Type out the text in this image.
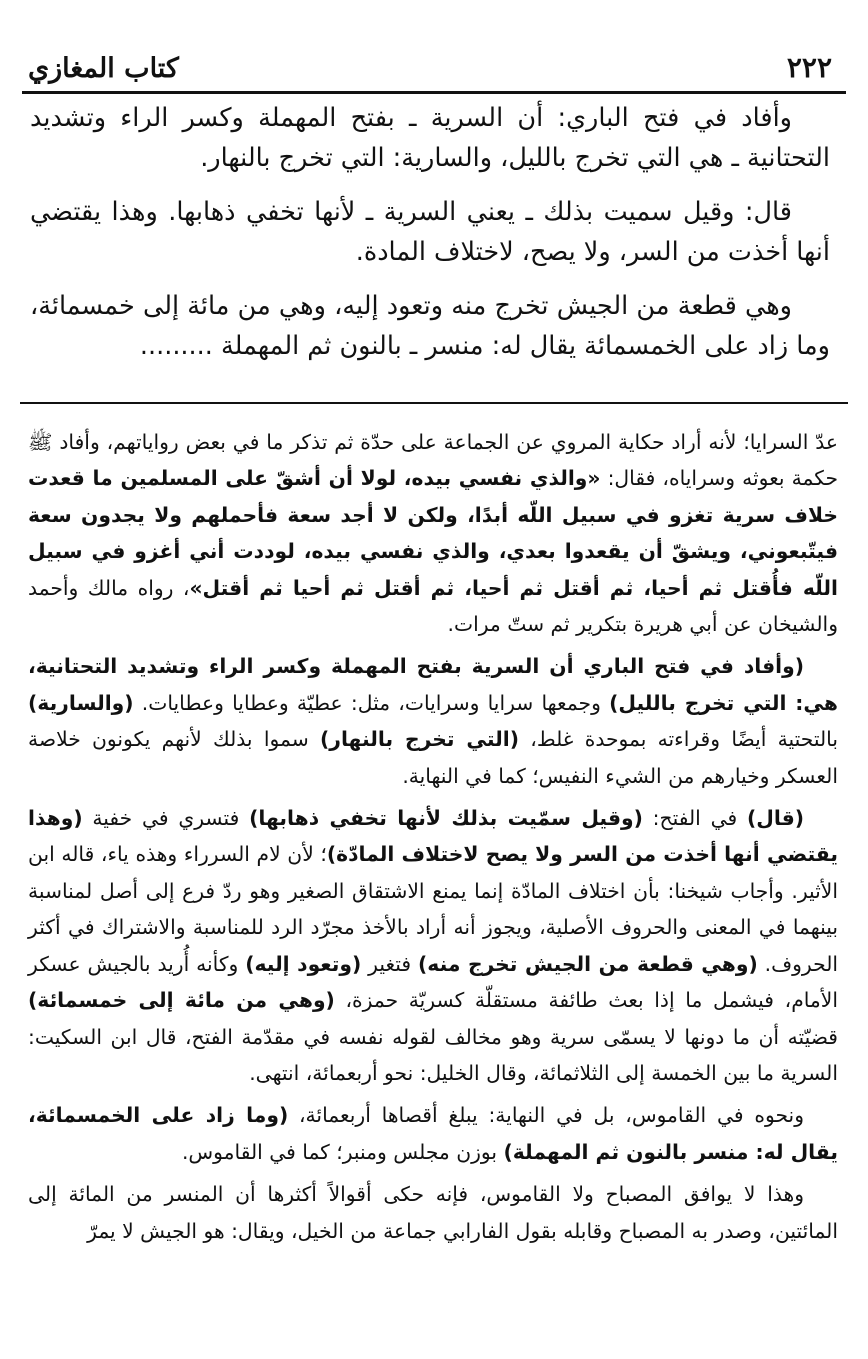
٢٢٢
كتاب المغازي

وأفاد في فتح الباري: أن السرية ـ بفتح المهملة وكسر الراء وتشديد التحتانية ـ هي التي تخرج بالليل، والسارية: التي تخرج بالنهار.

قال: وقيل سميت بذلك ـ يعني السرية ـ لأنها تخفي ذهابها. وهذا يقتضي أنها أخذت من السر، ولا يصح، لاختلاف المادة.

وهي قطعة من الجيش تخرج منه وتعود إليه، وهي من مائة إلى خمسمائة، وما زاد على الخمسمائة يقال له: منسر ـ بالنون ثم المهملة .........

عدّ السرايا؛ لأنه أراد حكاية المروي عن الجماعة على حدّة ثم تذكر ما في بعض رواياتهم، وأفاد ﷺ حكمة بعوثه وسراياه، فقال: «والذي نفسي بيده، لولا أن أشقّ على المسلمين ما قعدت خلاف سرية تغزو في سبيل اللّه أبدًا، ولكن لا أجد سعة فأحملهم ولا يجدون سعة فيتّبعوني، ويشقّ أن يقعدوا بعدي، والذي نفسي بيده، لوددت أني أغزو في سبيل اللّه فأُقتل ثم أحيا، ثم أقتل ثم أحيا، ثم أقتل ثم أحيا ثم أقتل»، رواه مالك وأحمد والشيخان عن أبي هريرة بتكرير ثم ستّ مرات.

(وأفاد في فتح الباري أن السرية بفتح المهملة وكسر الراء وتشديد التحتانية، هي: التي تخرج بالليل) وجمعها سرايا وسرايات، مثل: عطيّة وعطايا وعطايات. (والسارية) بالتحتية أيضًا وقراءته بموحدة غلط، (التي تخرج بالنهار) سموا بذلك لأنهم يكونون خلاصة العسكر وخيارهم من الشيء النفيس؛ كما في النهاية.

(قال) في الفتح: (وقيل سمّيت بذلك لأنها تخفي ذهابها) فتسري في خفية (وهذا يقتضي أنها أخذت من السر ولا يصح لاختلاف المادّة)؛ لأن لام السرراء وهذه ياء، قاله ابن الأثير. وأجاب شيخنا: بأن اختلاف المادّة إنما يمنع الاشتقاق الصغير وهو ردّ فرع إلى أصل لمناسبة بينهما في المعنى والحروف الأصلية، ويجوز أنه أراد بالأخذ مجرّد الرد للمناسبة والاشتراك في أكثر الحروف. (وهي قطعة من الجيش تخرج منه) فتغير (وتعود إليه) وكأنه أُريد بالجيش عسكر الأمام، فيشمل ما إذا بعث طائفة مستقلّة كسريّة حمزة، (وهي من مائة إلى خمسمائة) قضيّته أن ما دونها لا يسمّى سرية وهو مخالف لقوله نفسه في مقدّمة الفتح، قال ابن السكيت: السرية ما بين الخمسة إلى الثلاثمائة، وقال الخليل: نحو أربعمائة، انتهى.

ونحوه في القاموس، بل في النهاية: يبلغ أقصاها أربعمائة، (وما زاد على الخمسمائة، يقال له: منسر بالنون ثم المهملة) بوزن مجلس ومنبر؛ كما في القاموس.

وهذا لا يوافق المصباح ولا القاموس، فإنه حكى أقوالاً أكثرها أن المنسر من المائة إلى المائتين، وصدر به المصباح وقابله بقول الفارابي جماعة من الخيل، ويقال: هو الجيش لا يمرّ
